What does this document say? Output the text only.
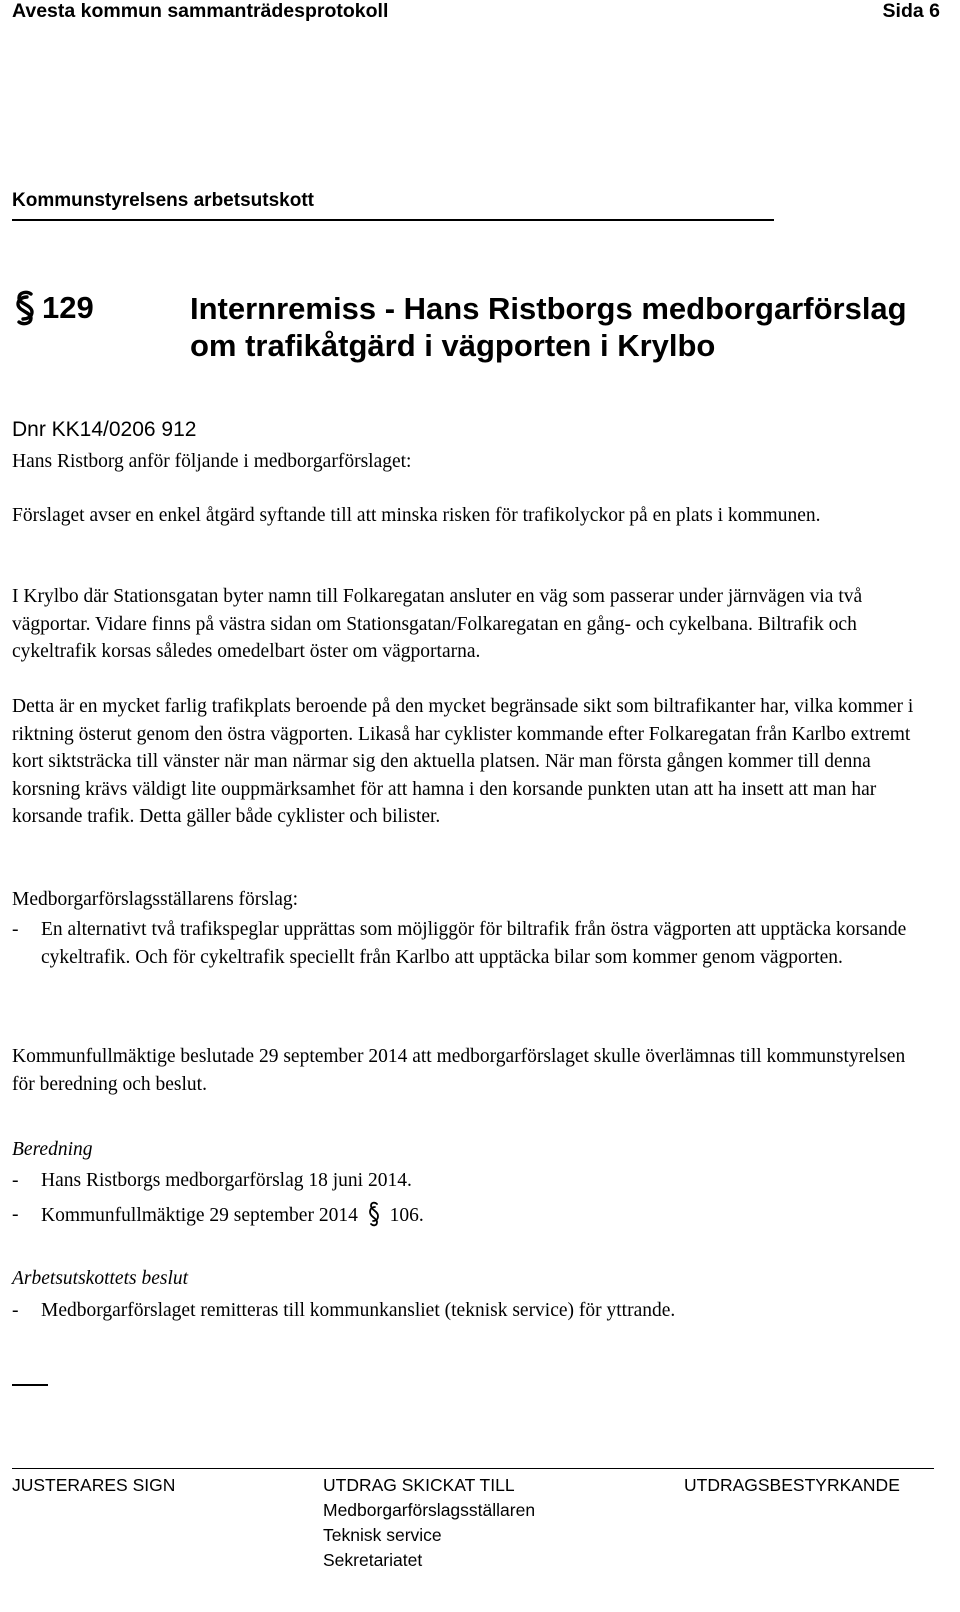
Avesta kommun sammanträdesprotokoll	Sida 6
Kommunstyrelsens arbetsutskott
129	Internremiss - Hans Ristborgs medborgarförslag om trafikåtgärd i vägporten i Krylbo
Dnr KK14/0206 912

Hans Ristborg anför följande i medborgarförslaget:

Förslaget avser en enkel åtgärd syftande till att minska risken för trafikolyckor på en plats i kommunen.

I Krylbo där Stationsgatan byter namn till Folkaregatan ansluter en väg som passerar under järnvägen via två vägportar. Vidare finns på västra sidan om Stationsgatan/Folkaregatan en gång- och cykelbana. Biltrafik och cykeltrafik korsas således omedelbart öster om vägportarna.

Detta är en mycket farlig trafikplats beroende på den mycket begränsade sikt som biltrafikanter har, vilka kommer i riktning österut genom den östra vägporten. Likaså har cyklister kommande efter Folkaregatan från Karlbo extremt kort siktsträcka till vänster när man närmar sig den aktuella platsen. När man första gången kommer till denna korsning krävs väldigt lite ouppmärksamhet för att hamna i den korsande punkten utan att ha insett att man har korsande trafik. Detta gäller både cyklister och bilister.

Medborgarförslagsställarens förslag:

-	En alternativt två trafikspeglar upprättas som möjliggör för biltrafik från östra vägporten att upptäcka korsande cykeltrafik. Och för cykeltrafik speciellt från Karlbo att upptäcka bilar som kommer genom vägporten.

Kommunfullmäktige beslutade 29 september 2014 att medborgarförslaget skulle överlämnas till kommunstyrelsen för beredning och beslut.

Beredning

-	Hans Ristborgs medborgarförslag 18 juni 2014.
-	Kommunfullmäktige 29 september 2014 106.

Arbetsutskottets beslut

-	Medborgarförslaget remitteras till kommunkansliet (teknisk service) för yttrande.
JUSTERARES SIGN	UTDRAG SKICKAT TILL
Medborgarförslagsställaren
Teknisk service
Sekretariatet
UTDRAGSBESTYRKANDE
